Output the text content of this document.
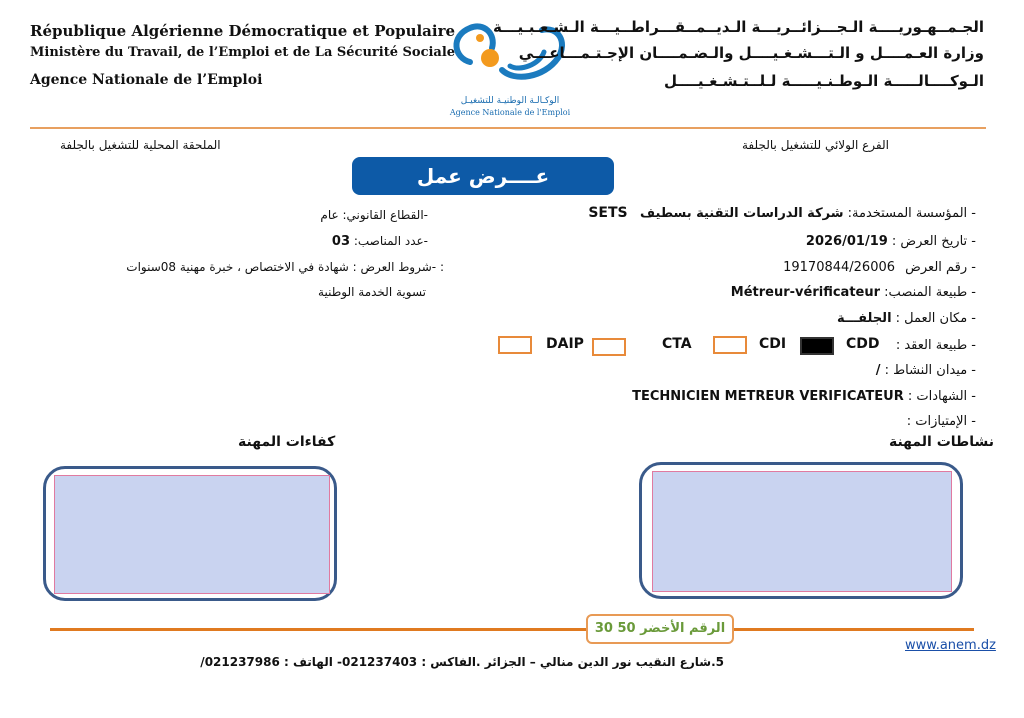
République Algérienne Démocratique et Populaire
Ministère du Travail, de l’Emploi et de La Sécurité Sociale
Agence Nationale de l’Emploi
الوكـالـة الوطنيـة للتشغيـل
Agence Nationale de l'Emploi
الجـمــهـوريــــة الـجـــزائــريـــة الـديــمــقـــراطــيـــة الـشـعـبـيـــة
وزارة العـمــــل و الـتـــشـغـيــــل والـضـمــــان الإجـتـمـــاعـــي
الـوكــــالـــــة الـوطـنـيـــــة لـلــتـشـغـيــــل
الفرع الولائي للتشغيل بالجلفة
الملحقة المحلية للتشغيل بالجلفة
عــــرض عمل
- المؤسسة المستخدمة: شركة الدراسات التقنية بسطيف   SETS
- تاريخ العرض : 2026/01/19
- رقم العرض 19170844/26006
- طبيعة المنصب: Métreur-vérificateur
- مكان العمل : الجلفـــة
- طبيعة العقد :
CDD
CDI
CTA
DAIP
- ميدان النشاط : /
- الشهادات : TECHNICIEN METREUR VERIFICATEUR
- الإمتيازات :
-القطاع القانوني: عام
-عدد المناصب: 03
: -شروط العرض : شهادة في الاختصاص ، خبرة مهنية 08سنوات
تسوية الخدمة الوطنية
نشاطات المهنة
كفاءات المهنة
الرقم الأخضر 50 30
www.anem.dz
5.شارع النقيب نور الدين منالي – الجزائر .الفاكس : 021237403- الهاتف : 021237986/
